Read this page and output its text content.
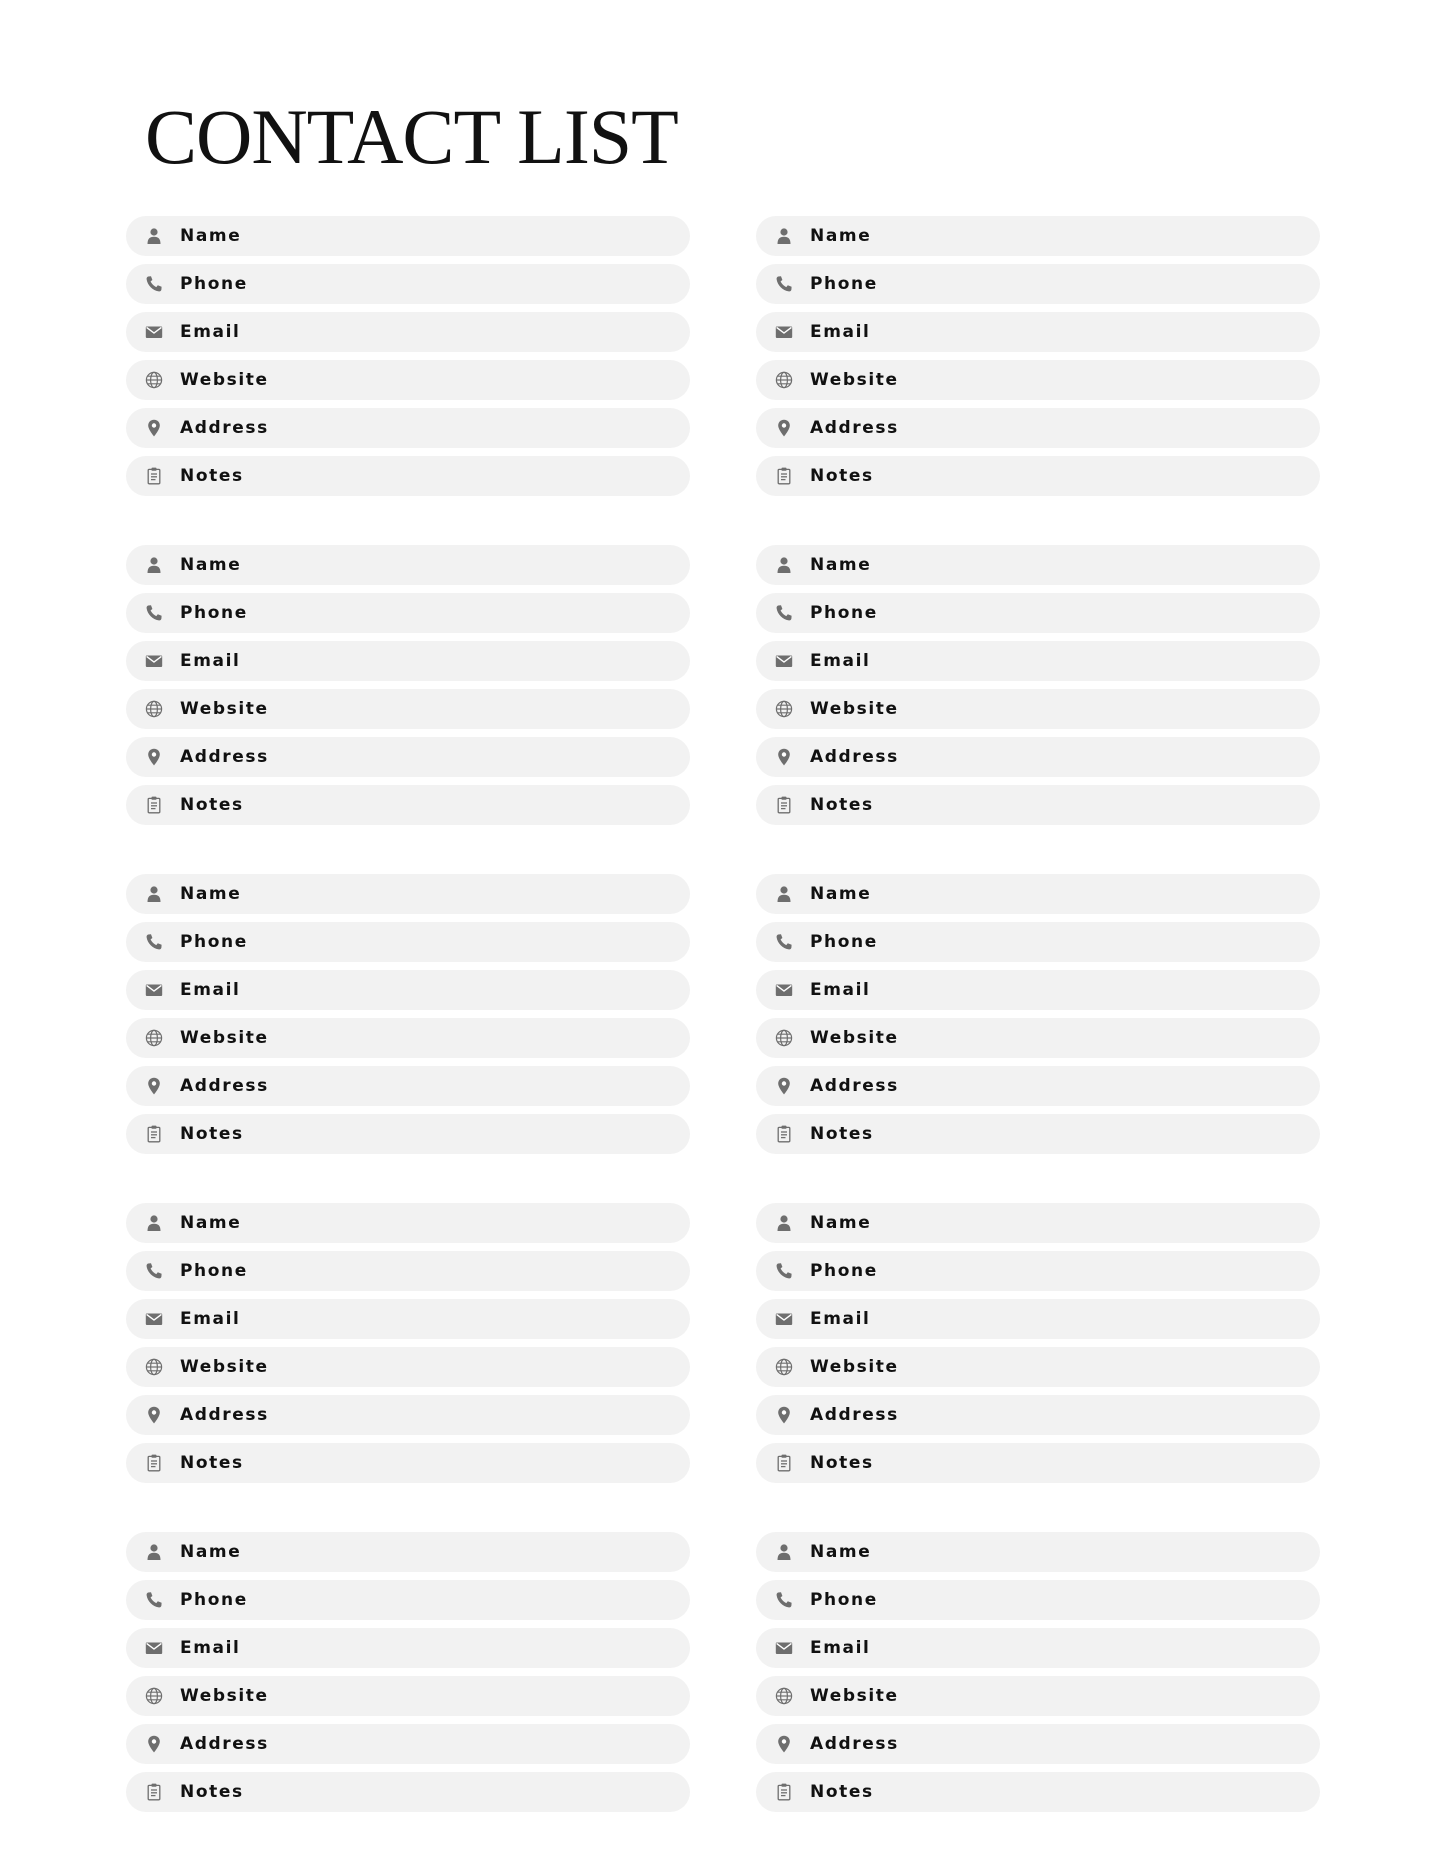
CONTACT LIST
Name
Phone
Email
Website
Address
Notes
Name
Phone
Email
Website
Address
Notes
Name
Phone
Email
Website
Address
Notes
Name
Phone
Email
Website
Address
Notes
Name
Phone
Email
Website
Address
Notes
Name
Phone
Email
Website
Address
Notes
Name
Phone
Email
Website
Address
Notes
Name
Phone
Email
Website
Address
Notes
Name
Phone
Email
Website
Address
Notes
Name
Phone
Email
Website
Address
Notes
